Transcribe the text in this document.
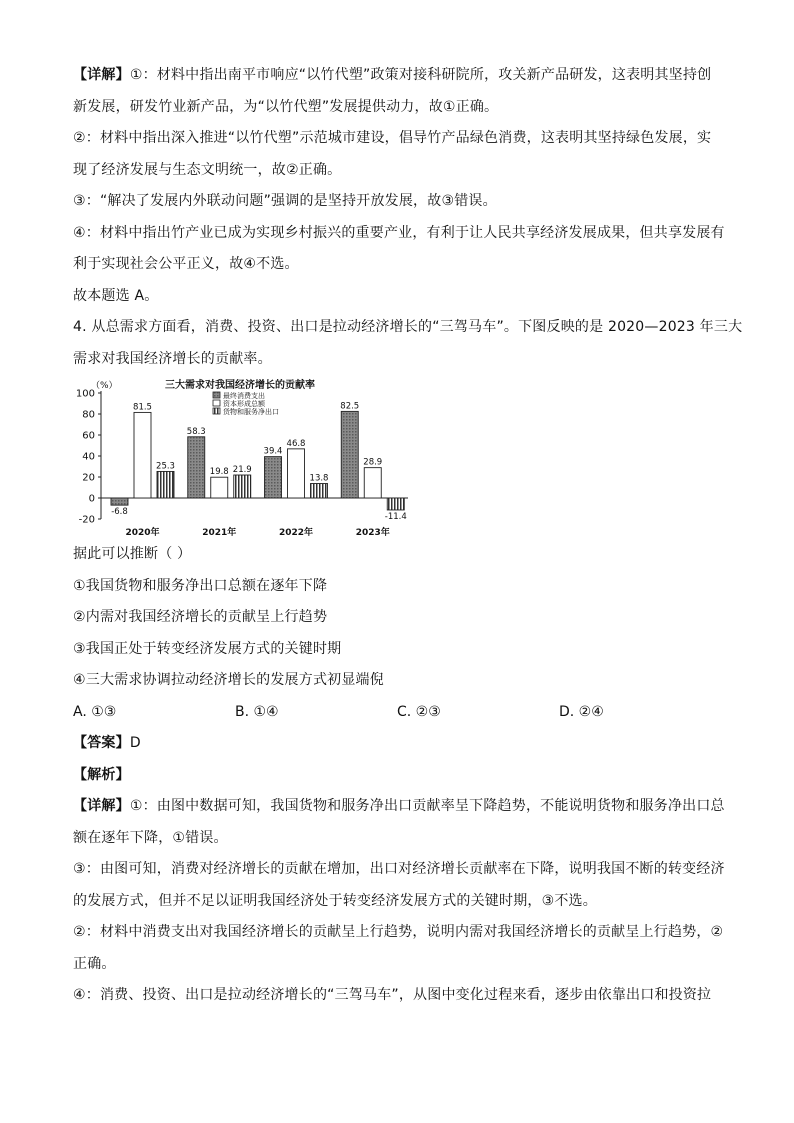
【详解】①：材料中指出南平市响应“以竹代塑”政策对接科研院所，攻关新产品研发，这表明其坚持创
新发展，研发竹业新产品，为“以竹代塑”发展提供动力，故①正确。
②：材料中指出深入推进“以竹代塑”示范城市建设，倡导竹产品绿色消费，这表明其坚持绿色发展，实
现了经济发展与生态文明统一，故②正确。
③：“解决了发展内外联动问题”强调的是坚持开放发展，故③错误。
④：材料中指出竹产业已成为实现乡村振兴的重要产业，有利于让人民共享经济发展成果，但共享发展有
利于实现社会公平正义，故④不选。
故本题选 A。
4. 从总需求方面看，消费、投资、出口是拉动经济增长的“三驾马车”。下图反映的是 2020—2023 年三大
需求对我国经济增长的贡献率。
（%）	三大需求对我国经济增长的贡献率
100
80
60
40
20
0
-20
-6.8
81.5
25.3
2020年
58.3
19.8 21.9
2021年
39.4
46.8
13.8
2022年
82.5
28.9
-11.4
2023年
最终消费支出
资本形成总额
货物和服务净出口
据此可以推断（ ）
①我国货物和服务净出口总额在逐年下降
②内需对我国经济增长的贡献呈上行趋势
③我国正处于转变经济发展方式的关键时期
④三大需求协调拉动经济增长的发展方式初显端倪
A. ①③	B. ①④	C. ②③	D. ②④
【答案】D
【解析】
【详解】①：由图中数据可知，我国货物和服务净出口贡献率呈下降趋势，不能说明货物和服务净出口总
额在逐年下降，①错误。
③：由图可知，消费对经济增长的贡献在增加，出口对经济增长贡献率在下降，说明我国不断的转变经济
的发展方式，但并不足以证明我国经济处于转变经济发展方式的关键时期，③不选。
②：材料中消费支出对我国经济增长的贡献呈上行趋势，说明内需对我国经济增长的贡献呈上行趋势，②
正确。
④：消费、投资、出口是拉动经济增长的“三驾马车”，从图中变化过程来看，逐步由依靠出口和投资拉
